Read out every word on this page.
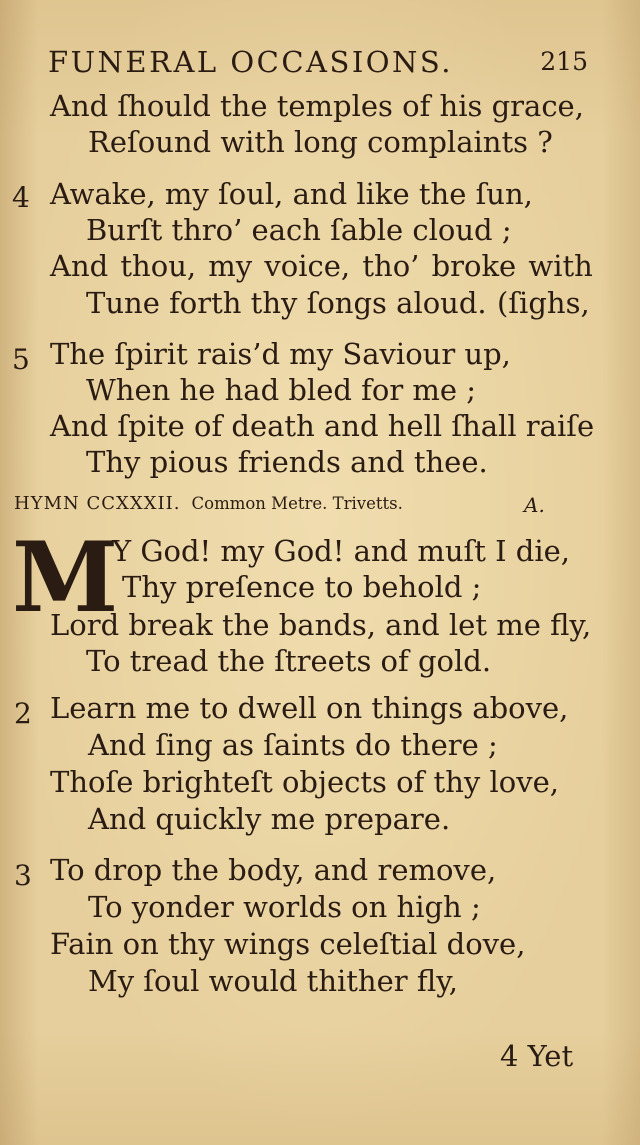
FUNERAL OCCASIONS.	215
And ſhould the temples of his grace,
Reſound with long complaints ?
4 Awake, my ſoul, and like the ſun,
Burſt thro’ each ſable cloud ;
And thou, my voice, tho’ broke with
Tune forth thy ſongs aloud. (ſighs,
5 The ſpirit rais’d my Saviour up,
When he had bled for me ;
And ſpite of death and hell ſhall raiſe
Thy pious friends and thee.
HYMN CCXXXII. Common Metre. Trivetts.	A.
M
Y God! my God! and muſt I die,
Thy preſence to behold ;
Lord break the bands, and let me fly,
To tread the ſtreets of gold.
2 Learn me to dwell on things above,
And ſing as ſaints do there ;
Thoſe brighteſt objects of thy love,
And quickly me prepare.
3 To drop the body, and remove,
To yonder worlds on high ;
Fain on thy wings celeſtial dove,
My ſoul would thither fly,
4 Yet
